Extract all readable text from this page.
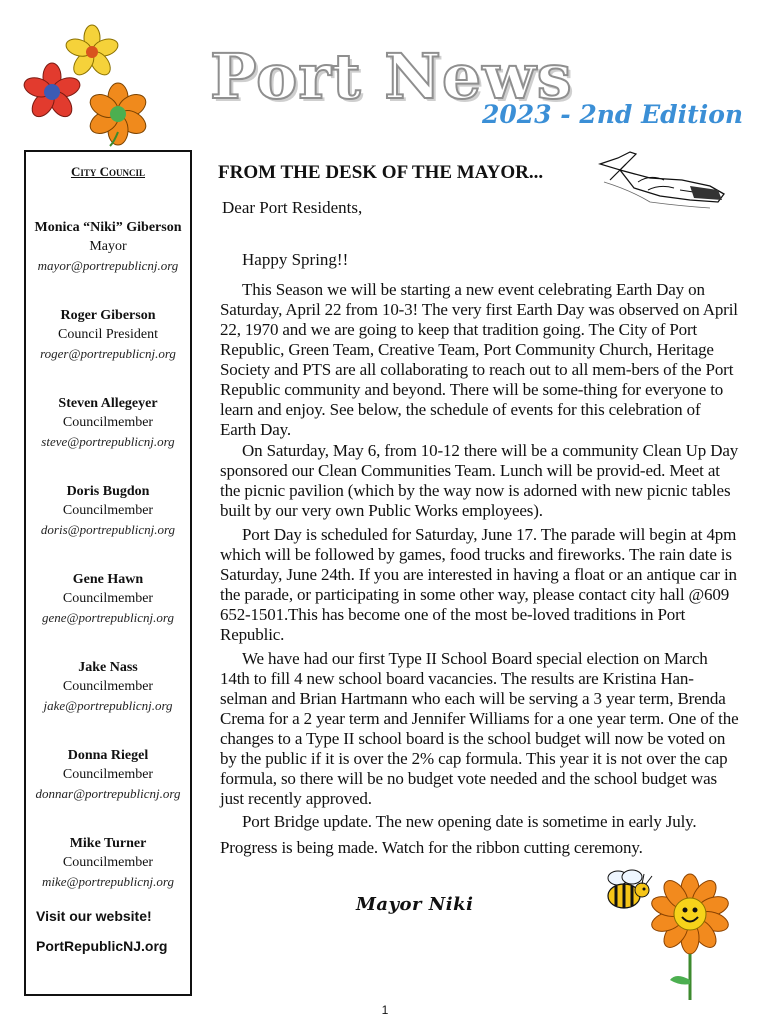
Port News
2023 - 2nd Edition
City Council
Monica “Niki” Giberson
Mayor
mayor@portrepublicnj.org
Roger Giberson
Council President
roger@portrepublicnj.org
Steven Allegeyer
Councilmember
steve@portrepublicnj.org
Doris Bugdon
Councilmember
doris@portrepublicnj.org
Gene Hawn
Councilmember
gene@portrepublicnj.org
Jake Nass
Councilmember
jake@portrepublicnj.org
Donna Riegel
Councilmember
donnar@portrepublicnj.org
Mike Turner
Councilmember
mike@portrepublicnj.org
Visit our website!
PortRepublicNJ.org
FROM THE DESK OF THE MAYOR...
Dear Port Residents,
Happy Spring!!

This Season we will be starting a new event celebrating Earth Day on Saturday, April 22 from 10-3! The very first Earth Day was observed on April 22, 1970 and we are going to keep that tradition going. The City of Port Republic, Green Team, Creative Team, Port Community Church, Heritage Society and PTS are all collaborating to reach out to all mem-bers of the Port Republic community and beyond. There will be some-thing for everyone to learn and enjoy. See below, the schedule of events for this celebration of Earth Day.

On Saturday, May 6, from 10-12 there will be a community Clean Up Day sponsored our Clean Communities Team. Lunch will be provid-ed. Meet at the picnic pavilion (which by the way now is adorned with new picnic tables built by our very own Public Works employees).

Port Day is scheduled for Saturday, June 17. The parade will begin at 4pm which will be followed by games, food trucks and fireworks. The rain date is Saturday, June 24th. If you are interested in having a float or an antique car in the parade, or participating in some other way, please contact city hall @609 652-1501.This has become one of the most be-loved traditions in Port Republic.

We have had our first Type II School Board special election on March 14th to fill 4 new school board vacancies. The results are Kristina Han-selman and Brian Hartmann who each will be serving a 3 year term, Brenda Crema for a 2 year term and Jennifer Williams for a one year term. One of the changes to a Type II school board is the school budget will now be voted on by the public if it is over the 2% cap formula. This year it is not over the cap formula, so there will be no budget vote needed and the school budget was just recently approved.

Port Bridge update. The new opening date is sometime in early July. Progress is being made. Watch for the ribbon cutting ceremony.

Mayor Niki
1
